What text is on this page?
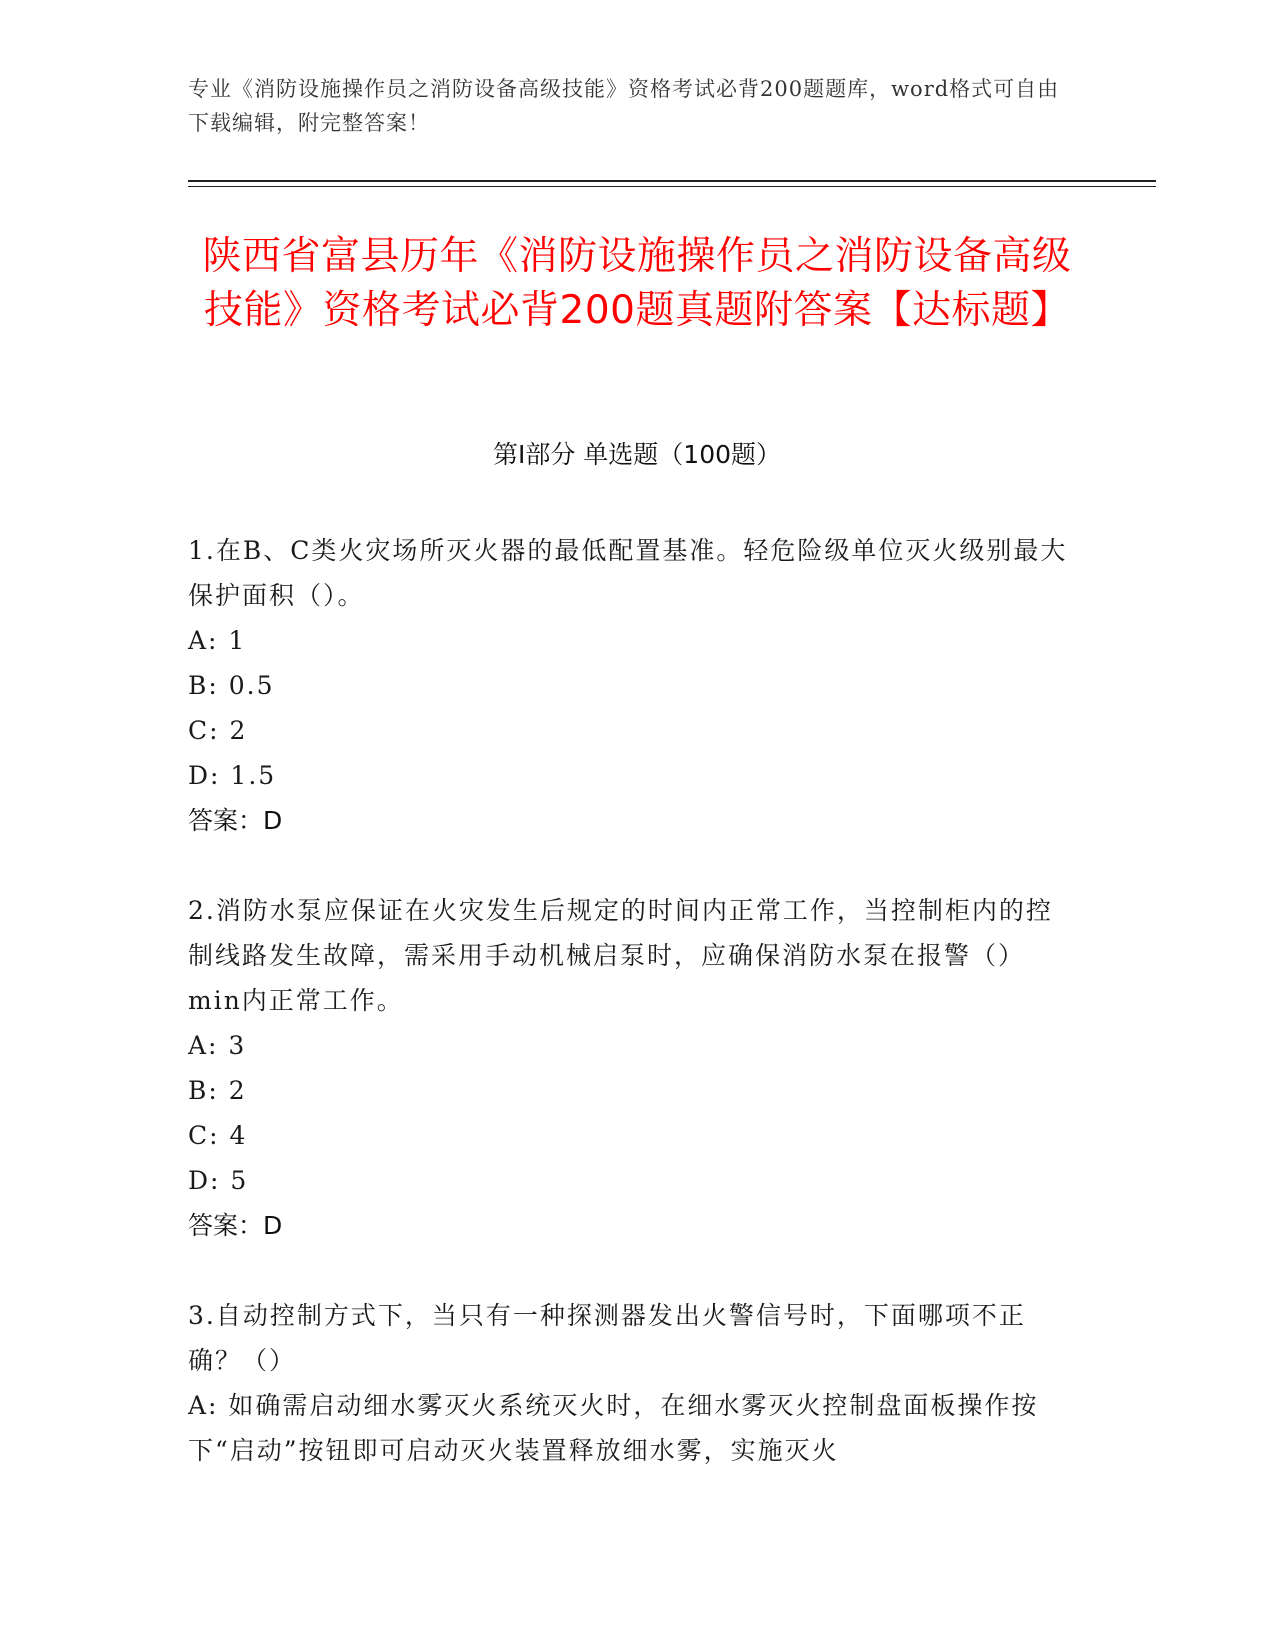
专业《消防设施操作员之消防设备高级技能》资格考试必背200题题库，word格式可自由下载编辑，附完整答案！
陕西省富县历年《消防设施操作员之消防设备高级技能》资格考试必背200题真题附答案【达标题】
第I部分 单选题（100题）

1.在B、C类火灾场所灭火器的最低配置基准。轻危险级单位灭火级别最大保护面积（）。

A: 1

B: 0.5

C: 2

D: 1.5

答案：D

2.消防水泵应保证在火灾发生后规定的时间内正常工作，当控制柜内的控制线路发生故障，需采用手动机械启泵时，应确保消防水泵在报警（）min内正常工作。

A: 3

B: 2

C: 4

D: 5

答案：D

3.自动控制方式下，当只有一种探测器发出火警信号时，下面哪项不正确？（）

A: 如确需启动细水雾灭火系统灭火时，在细水雾灭火控制盘面板操作按下“启动”按钮即可启动灭火装置释放细水雾，实施灭火
